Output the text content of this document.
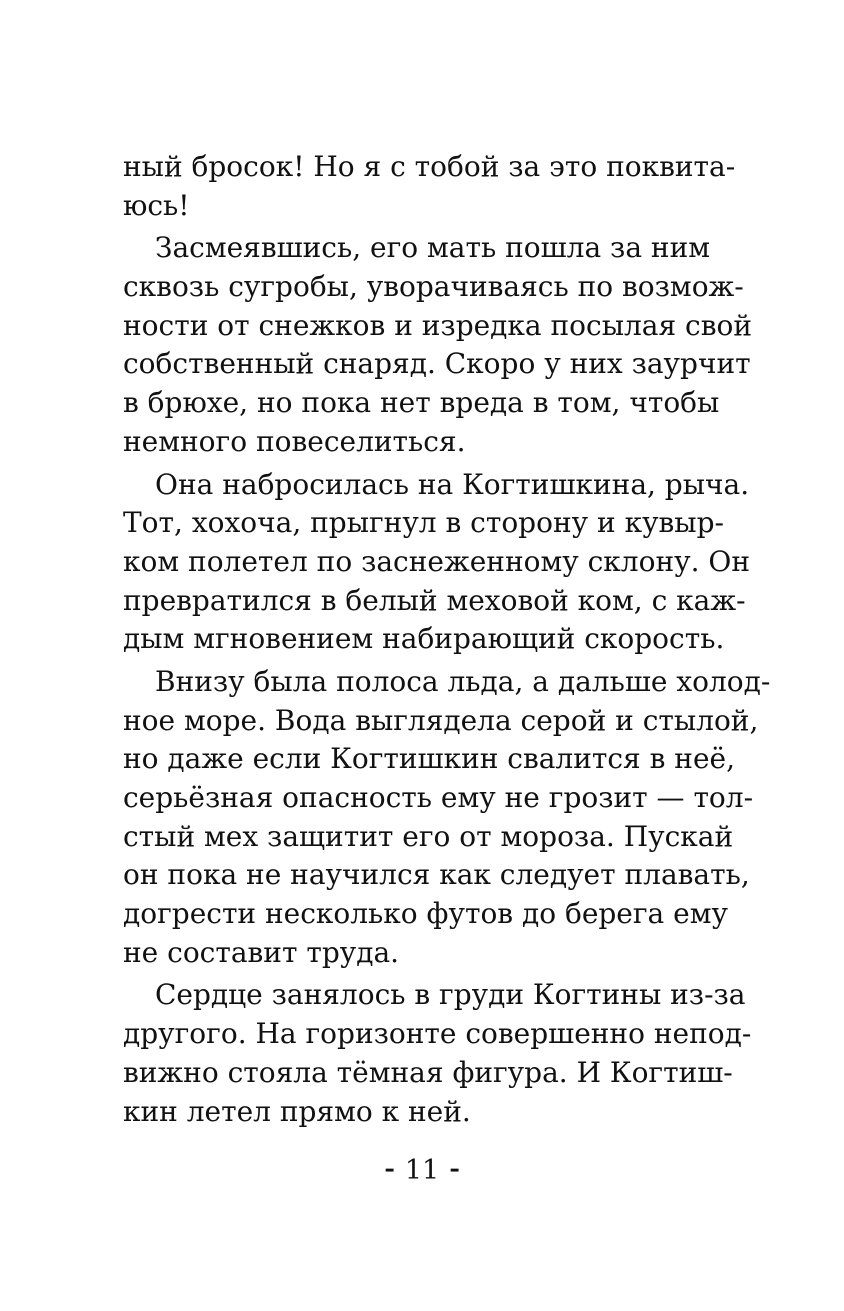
ный бросок! Но я с тобой за это поквита-
юсь!
Засмеявшись, его мать пошла за ним
сквозь сугробы, уворачиваясь по возмож-
ности от снежков и изредка посылая свой
собственный снаряд. Скоро у них заурчит
в брюхе, но пока нет вреда в том, чтобы
немного повеселиться.
Она набросилась на Когтишкина, рыча.
Тот, хохоча, прыгнул в сторону и кувыр-
ком полетел по заснеженному склону. Он
превратился в белый меховой ком, с каж-
дым мгновением набирающий скорость.
Внизу была полоса льда, а дальше холод-
ное море. Вода выглядела серой и стылой,
но даже если Когтишкин свалится в неё,
серьёзная опасность ему не грозит — тол-
стый мех защитит его от мороза. Пускай
он пока не научился как следует плавать,
догрести несколько футов до берега ему
не составит труда.
Сердце занялось в груди Когтины из-за
другого. На горизонте совершенно непод-
вижно стояла тёмная фигура. И Когтиш-
кин летел прямо к ней.
⁃ 11 ⁃
